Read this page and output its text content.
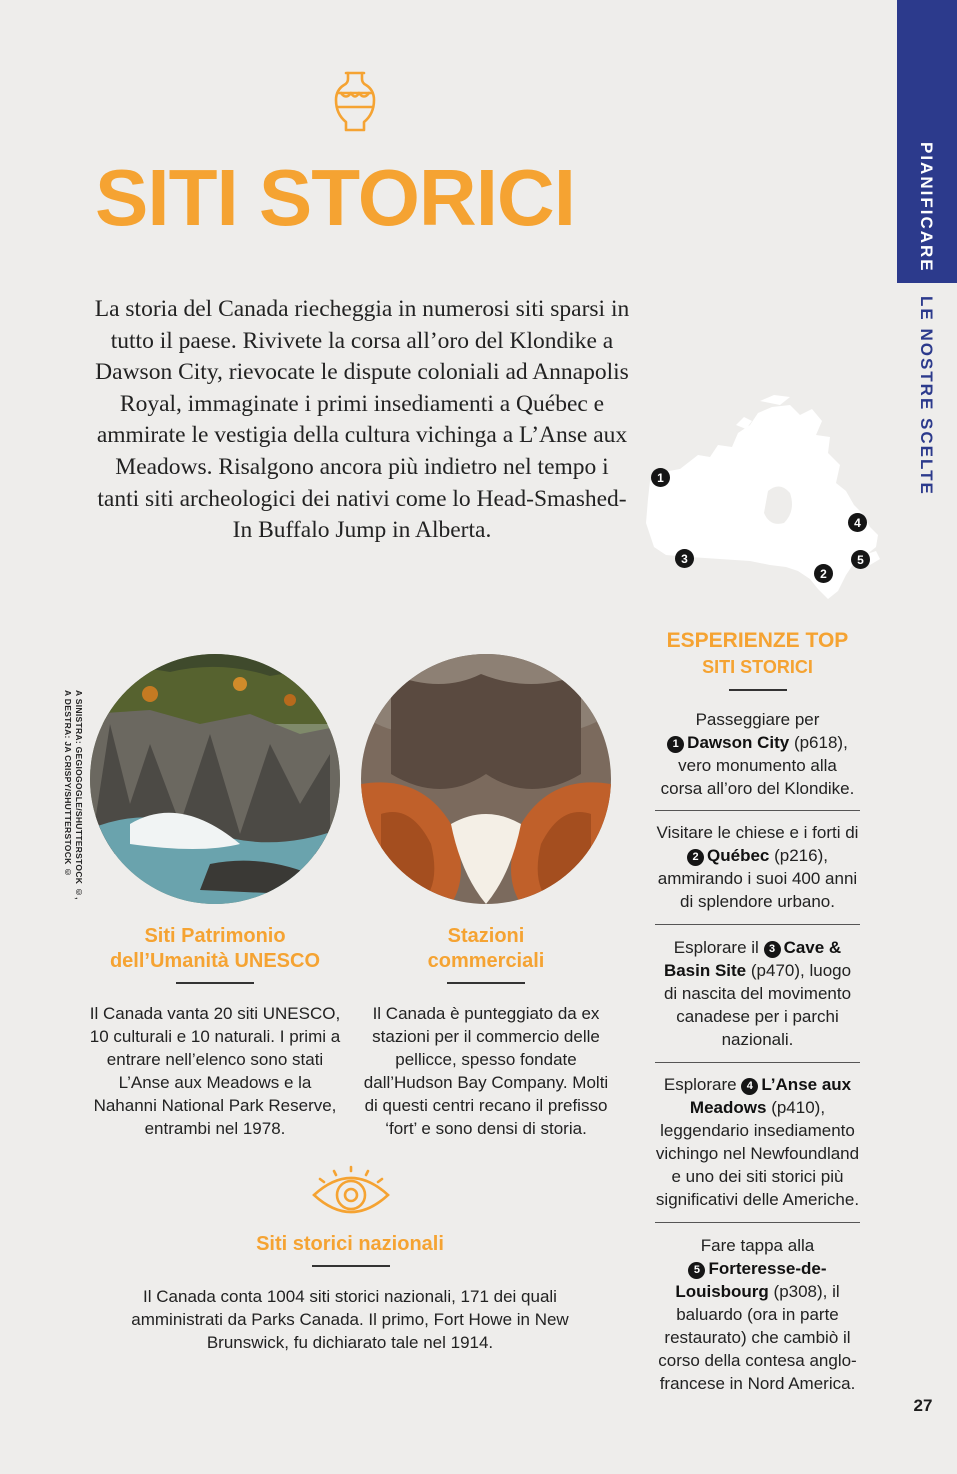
PIANIFICARE
LE NOSTRE SCELTE
SITI STORICI
La storia del Canada riecheggia in numerosi siti sparsi in tutto il paese. Rivivete la corsa all’oro del Klondike a Dawson City, rievocate le dispute coloniali ad Annapolis Royal, immaginate i primi insediamenti a Québec e ammirate le vestigia della cultura vichinga a L’Anse aux Meadows. Risalgono ancora più indietro nel tempo i tanti siti archeologici dei nativi come lo Head-Smashed-In Buffalo Jump in Alberta.
1
2
3
4
5
A SINISTRA: GEGIOGOGLE/SHUTTERSTOCK ©,
A DESTRA: JA CRISPY/SHUTTERSTOCK ©
Siti Patrimonio
dell’Umanità UNESCO
Il Canada vanta 20 siti UNESCO, 10 culturali e 10 naturali. I primi a entrare nell’elenco sono stati L’Anse aux Meadows e la Nahanni National Park Reserve, entrambi nel 1978.
Stazioni
commerciali
Il Canada è punteggiato da ex stazioni per il commercio delle pellicce, spesso fondate dall’Hudson Bay Company. Molti di questi centri recano il prefisso ‘fort’ e sono densi di storia.
Siti storici nazionali
Il Canada conta 1004 siti storici nazionali, 171 dei quali amministrati da Parks Canada. Il primo, Fort Howe in New Brunswick, fu dichiarato tale nel 1914.
ESPERIENZE TOP
SITI STORICI
Passeggiare per
1 Dawson City (p618), vero monumento alla corsa all’oro del Klondike.
Visitare le chiese e i forti di 2 Québec (p216), ammirando i suoi 400 anni di splendore urbano.
Esplorare il 3 Cave & Basin Site (p470), luogo di nascita del movimento canadese per i parchi nazionali.
Esplorare 4 L’Anse aux Meadows (p410), leggendario insediamento vichingo nel Newfoundland e uno dei siti storici più significativi delle Americhe.
Fare tappa alla
5 Forteresse-de-Louisbourg (p308), il baluardo (ora in parte restaurato) che cambiò il corso della contesa anglo-francese in Nord America.
27
